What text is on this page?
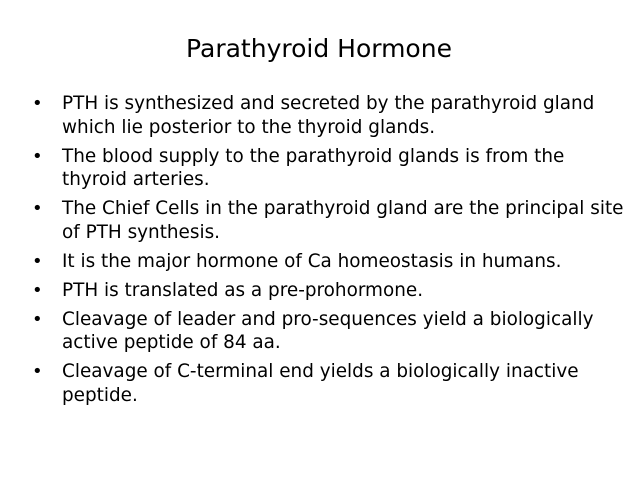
Parathyroid Hormone
•	PTH is synthesized and secreted by the parathyroid gland which lie posterior to the thyroid glands.
•	The blood supply to the parathyroid glands is from the thyroid arteries.
•	The Chief Cells in the parathyroid gland are the principal site of PTH synthesis.
•	It is the major hormone of Ca homeostasis in humans.
•	PTH is translated as a pre-prohormone.
•	Cleavage of leader and pro-sequences yield a biologically active peptide of 84 aa.
•	Cleavage of C-terminal end yields a biologically inactive peptide.
